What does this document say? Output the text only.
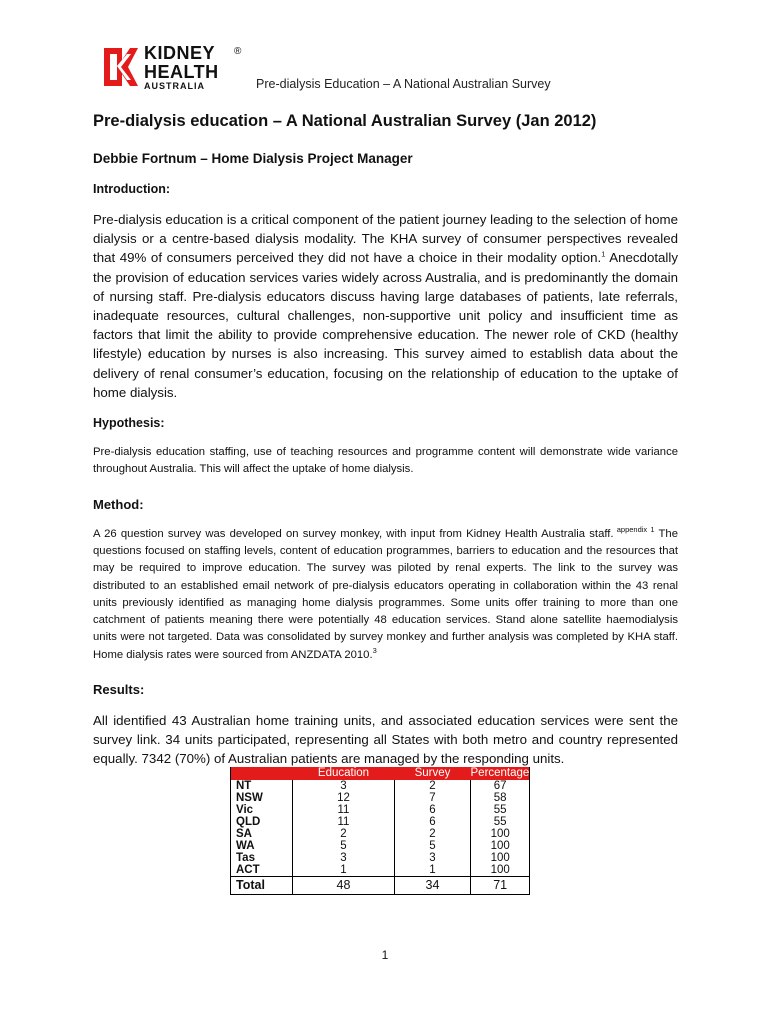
KIDNEY
HEALTH
AUSTRALIA
®
Pre-dialysis Education – A National Australian Survey
Pre-dialysis education – A National Australian Survey (Jan 2012)
Debbie Fortnum – Home Dialysis Project Manager
Introduction:

Pre-dialysis education is a critical component of the patient journey leading to the selection of home dialysis or a centre-based dialysis modality. The KHA survey of consumer perspectives revealed that 49% of consumers perceived they did not have a choice in their modality option.$^1$ Anecdotally the provision of education services varies widely across Australia, and is predominantly the domain of nursing staff. Pre-dialysis educators discuss having large databases of patients, late referrals, inadequate resources, cultural challenges, non-supportive unit policy and insufficient time as factors that limit the ability to provide comprehensive education. The newer role of CKD (healthy lifestyle) education by nurses is also increasing. This survey aimed to establish data about the delivery of renal consumer’s education, focusing on the relationship of education to the uptake of home dialysis.

Hypothesis:

Pre-dialysis education staffing, use of teaching resources and programme content will demonstrate wide variance throughout Australia. This will affect the uptake of home dialysis.

Method:

A 26 question survey was developed on survey monkey, with input from Kidney Health Australia staff. $^{appendix 1}$ The questions focused on staffing levels, content of education programmes, barriers to education and the resources that may be required to improve education. The survey was piloted by renal experts. The link to the survey was distributed to an established email network of pre-dialysis educators operating in collaboration within the 43 renal units previously identified as managing home dialysis programmes. Some units offer training to more than one catchment of patients meaning there were potentially 48 education services. Stand alone satellite haemodialysis units were not targeted. Data was consolidated by survey monkey and further analysis was completed by KHA staff. Home dialysis rates were sourced from ANZDATA 2010.$^3$

Results:

All identified 43 Australian home training units, and associated education services were sent the survey link. 34 units participated, representing all States with both metro and country represented equally. 7342 (70%) of Australian patients are managed by the responding units.

	Education	Survey	Percentage
NT	3	2	67
NSW	12	7	58
Vic	11	6	55
QLD	11	6	55
SA	2	2	100
WA	5	5	100
Tas	3	3	100
ACT	1	1	100
Total	48	34	71
1
